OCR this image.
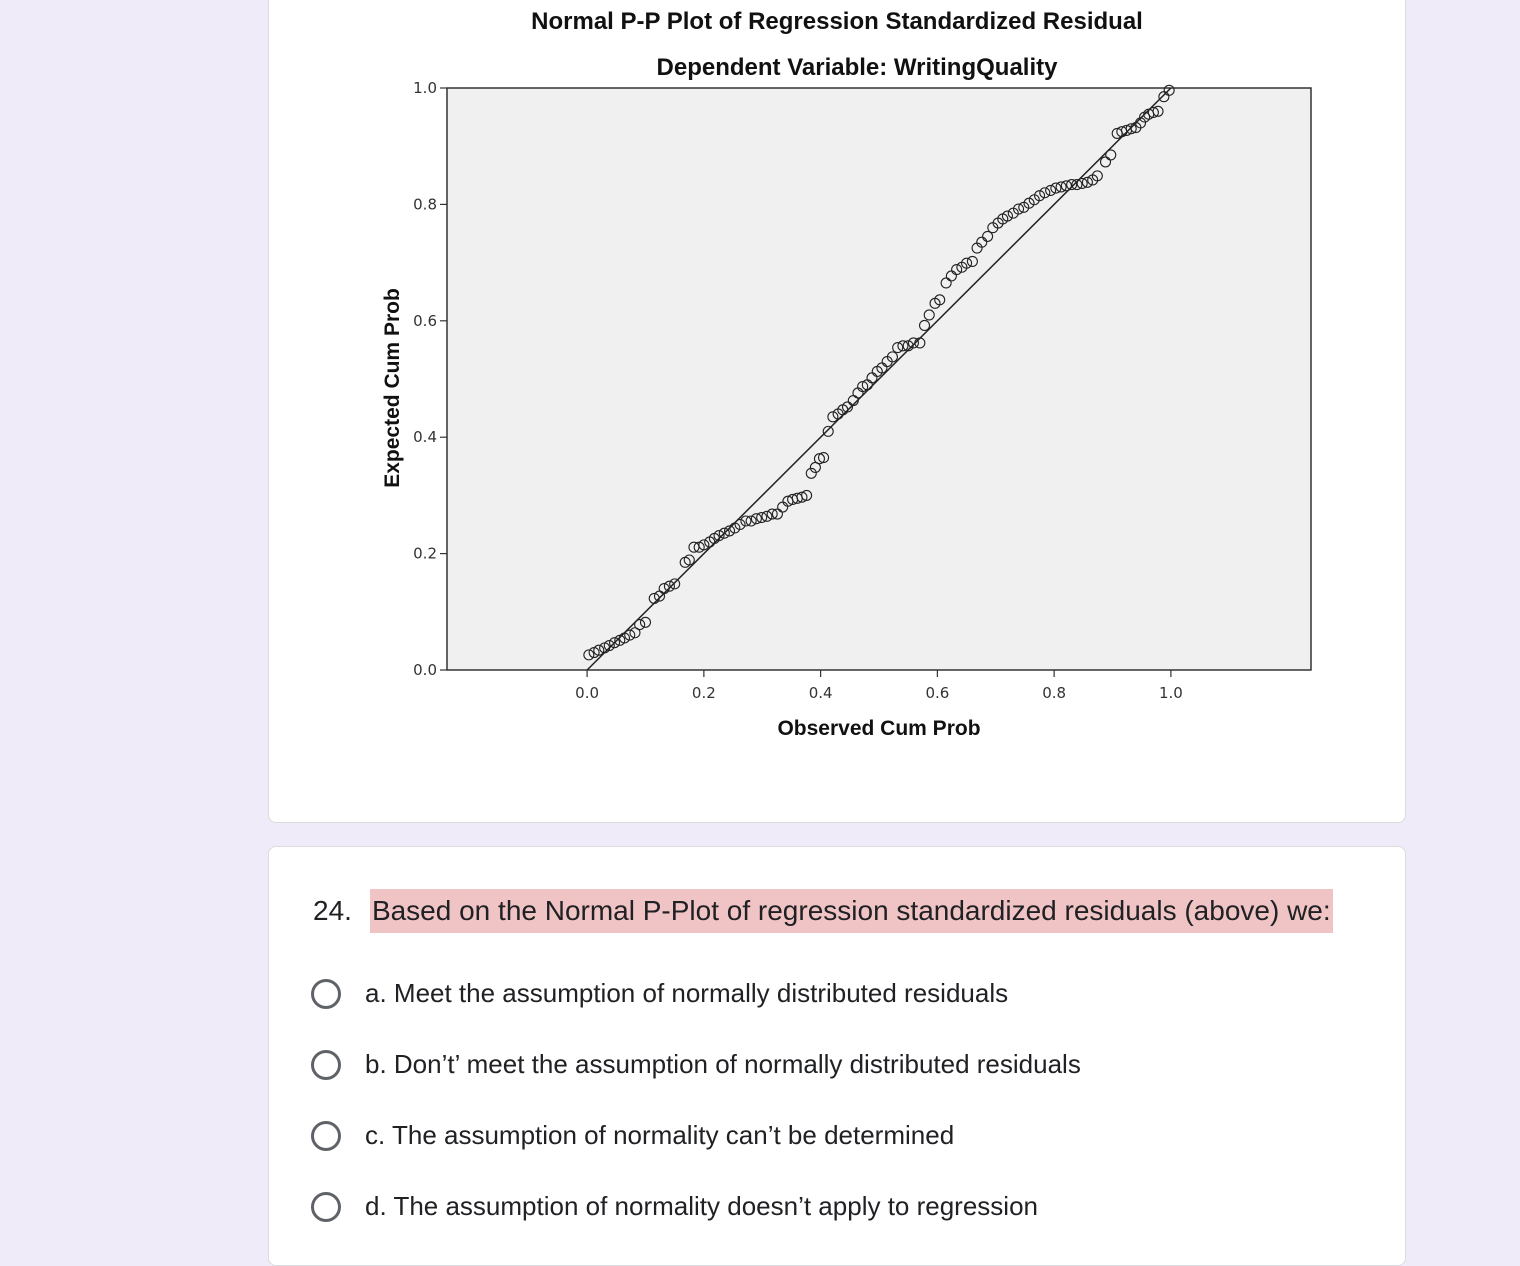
Normal P-P Plot of Regression Standardized Residual
Dependent Variable: WritingQuality
0.0	0.2	0.4	0.6	0.8	1.0
0.0
0.2
0.4
0.6
0.8
1.0
Observed Cum Prob
Expected Cum Prob
24. Based on the Normal P-Plot of regression standardized residuals (above) we:
a. Meet the assumption of normally distributed residuals
b. Don’t’ meet the assumption of normally distributed residuals
c. The assumption of normality can’t be determined
d. The assumption of normality doesn’t apply to regression
